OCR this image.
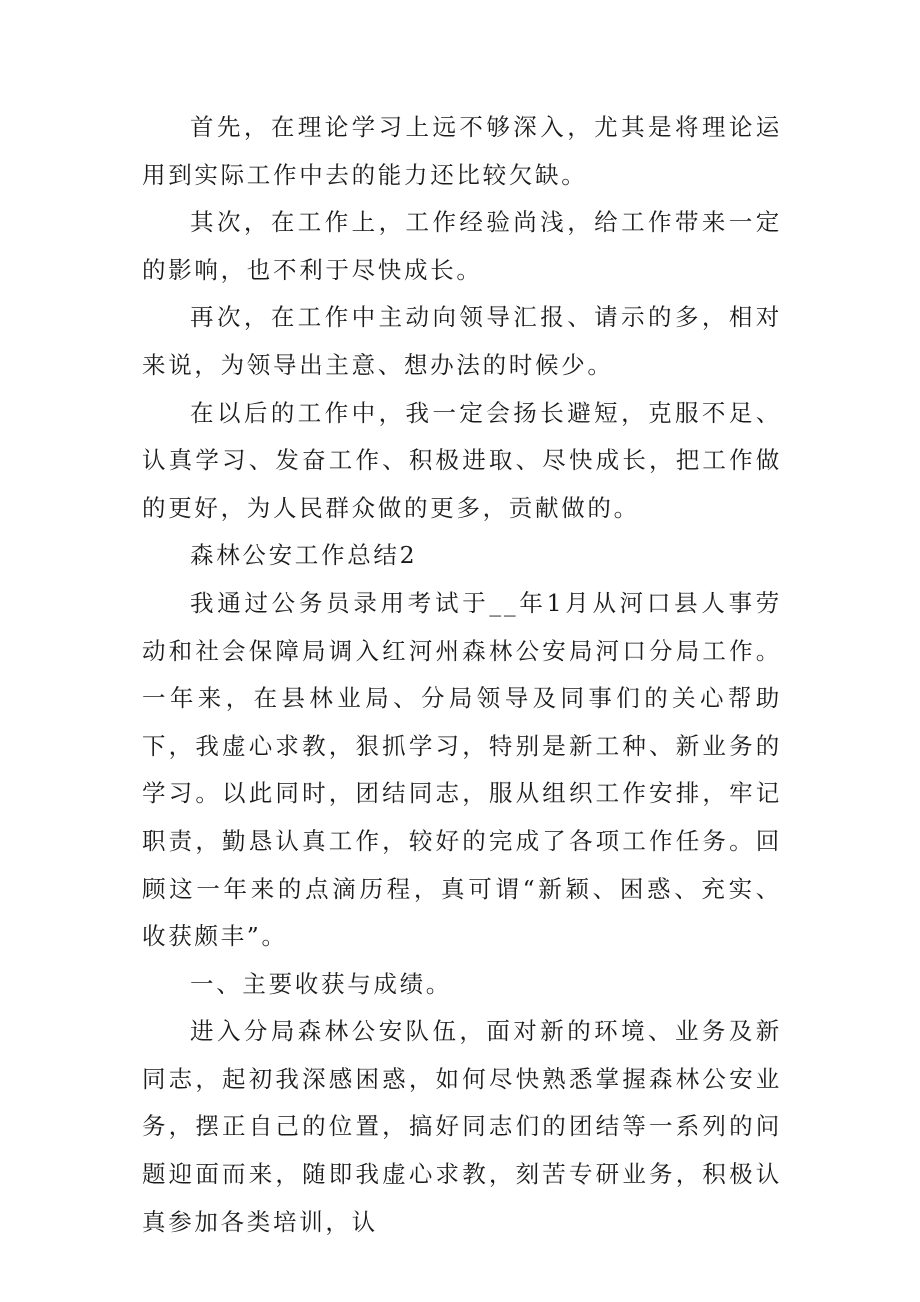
首先，在理论学习上远不够深入，尤其是将理论运用到实际工作中去的能力还比较欠缺。

其次，在工作上，工作经验尚浅，给工作带来一定的影响，也不利于尽快成长。

再次，在工作中主动向领导汇报、请示的多，相对来说，为领导出主意、想办法的时候少。

在以后的工作中，我一定会扬长避短，克服不足、认真学习、发奋工作、积极进取、尽快成长，把工作做的更好，为人民群众做的更多，贡献做的。

森林公安工作总结2

我通过公务员录用考试于__年1月从河口县人事劳动和社会保障局调入红河州森林公安局河口分局工作。一年来，在县林业局、分局领导及同事们的关心帮助下，我虚心求教，狠抓学习，特别是新工种、新业务的学习。以此同时，团结同志，服从组织工作安排，牢记职责，勤恳认真工作，较好的完成了各项工作任务。回顾这一年来的点滴历程，真可谓“新颖、困惑、充实、收获颇丰”。

一、主要收获与成绩。

进入分局森林公安队伍，面对新的环境、业务及新同志，起初我深感困惑，如何尽快熟悉掌握森林公安业务，摆正自己的位置，搞好同志们的团结等一系列的问题迎面而来，随即我虚心求教，刻苦专研业务，积极认真参加各类培训，认
